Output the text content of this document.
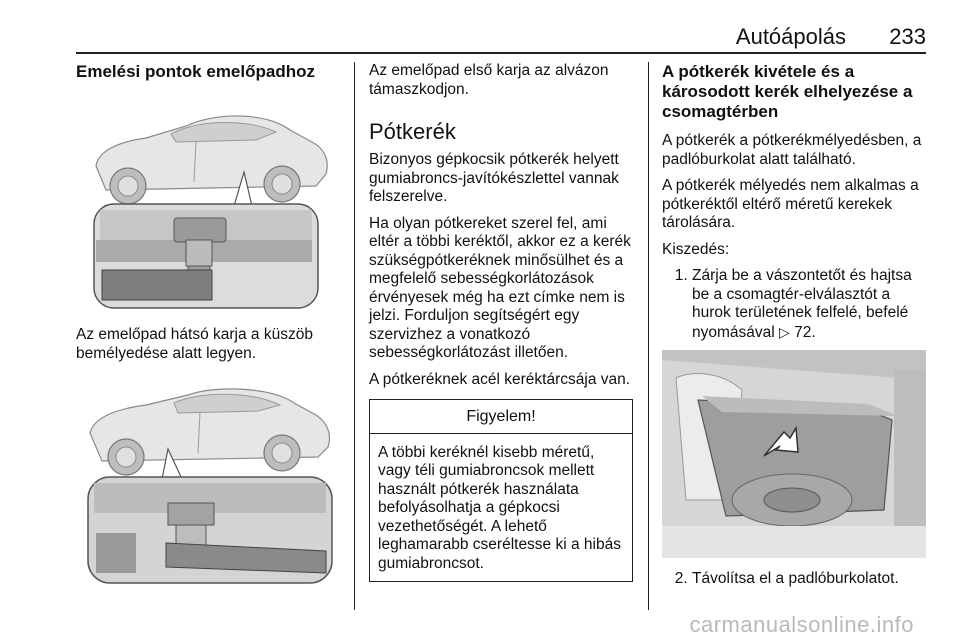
Autóápolás 233
Emelési pontok emelőpadhoz

Az emelőpad hátsó karja a küszöb bemélyedése alatt legyen.

Az emelőpad első karja az alvázon támaszkodjon.

Pótkerék

Bizonyos gépkocsik pótkerék helyett gumiabroncs-javítókészlettel vannak felszerelve.

Ha olyan pótkereket szerel fel, ami eltér a többi keréktől, akkor ez a kerék szükségpótkeréknek minősülhet és a megfelelő sebességkorlátozások érvényesek még ha ezt címke nem is jelzi. Forduljon segítségért egy szervizhez a vonatkozó sebességkorlátozást illetően.

A pótkeréknek acél keréktárcsája van.

Figyelem!
A többi keréknél kisebb méretű, vagy téli gumiabroncsok mellett használt pótkerék használata befolyásolhatja a gépkocsi vezethetőségét. A lehető leghamarabb cseréltesse ki a hibás gumiabroncsot.
A pótkerék kivétele és a károsodott kerék elhelyezése a csomagtérben

A pótkerék a pótkerékmélyedésben, a padlóburkolat alatt található.

A pótkerék mélyedés nem alkalmas a pótkeréktől eltérő méretű kerekek tárolására.

Kiszedés:

1. Zárja be a vászontetőt és hajtsa be a csomagtér-elválasztót a hurok területének felfelé, befelé nyomásával ▷ 72.
2. Távolítsa el a padlóburkolatot.
carmanualsonline.info
